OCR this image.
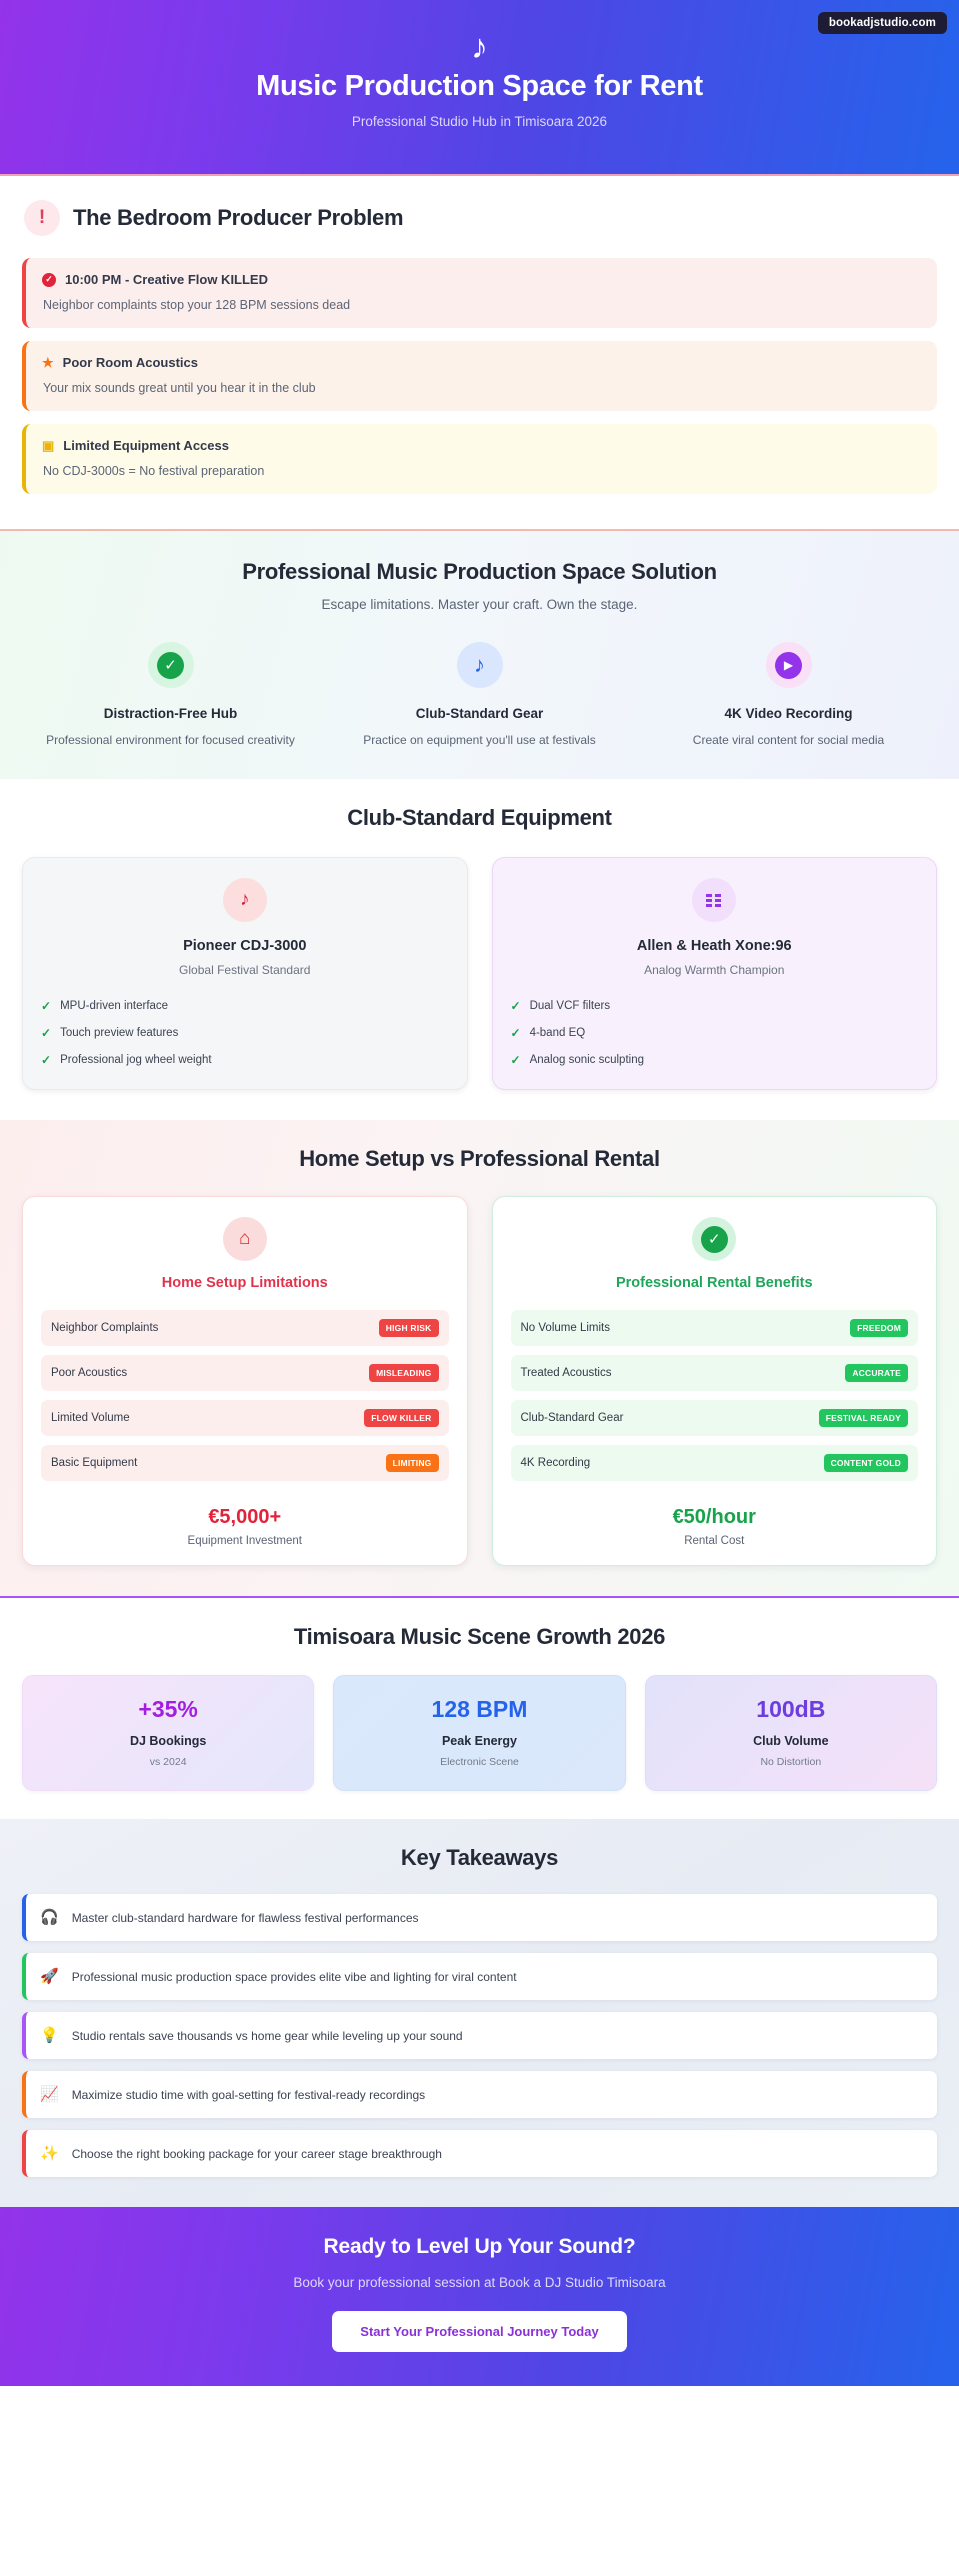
bookadjstudio.com
♪
Music Production Space for Rent
Professional Studio Hub in Timisoara 2026
!	The Bedroom Producer Problem
✓ 10:00 PM - Creative Flow KILLED
Neighbor complaints stop your 128 BPM sessions dead
★ Poor Room Acoustics
Your mix sounds great until you hear it in the club
▣ Limited Equipment Access
No CDJ-3000s = No festival preparation
Professional Music Production Space Solution
Escape limitations. Master your craft. Own the stage.
✓
Distraction-Free Hub
Professional environment for focused creativity
♪
Club-Standard Gear
Practice on equipment you'll use at festivals
▶
4K Video Recording
Create viral content for social media
Club-Standard Equipment
♪
Pioneer CDJ-3000
Global Festival Standard
✓ MPU-driven interface
✓ Touch preview features
✓ Professional jog wheel weight
Allen & Heath Xone:96
Analog Warmth Champion
✓ Dual VCF filters
✓ 4-band EQ
✓ Analog sonic sculpting
Home Setup vs Professional Rental
⌂
Home Setup Limitations
Neighbor Complaints	HIGH RISK
Poor Acoustics	MISLEADING
Limited Volume	FLOW KILLER
Basic Equipment	LIMITING
€5,000+
Equipment Investment
✓
Professional Rental Benefits
No Volume Limits	FREEDOM
Treated Acoustics	ACCURATE
Club-Standard Gear	FESTIVAL READY
4K Recording	CONTENT GOLD
€50/hour
Rental Cost
Timisoara Music Scene Growth 2026
+35%
DJ Bookings
vs 2024
128 BPM
Peak Energy
Electronic Scene
100dB
Club Volume
No Distortion
Key Takeaways
🎧 Master club-standard hardware for flawless festival performances
🚀 Professional music production space provides elite vibe and lighting for viral content
💡 Studio rentals save thousands vs home gear while leveling up your sound
📈 Maximize studio time with goal-setting for festival-ready recordings
✨ Choose the right booking package for your career stage breakthrough
Ready to Level Up Your Sound?
Book your professional session at Book a DJ Studio Timisoara
Start Your Professional Journey Today
